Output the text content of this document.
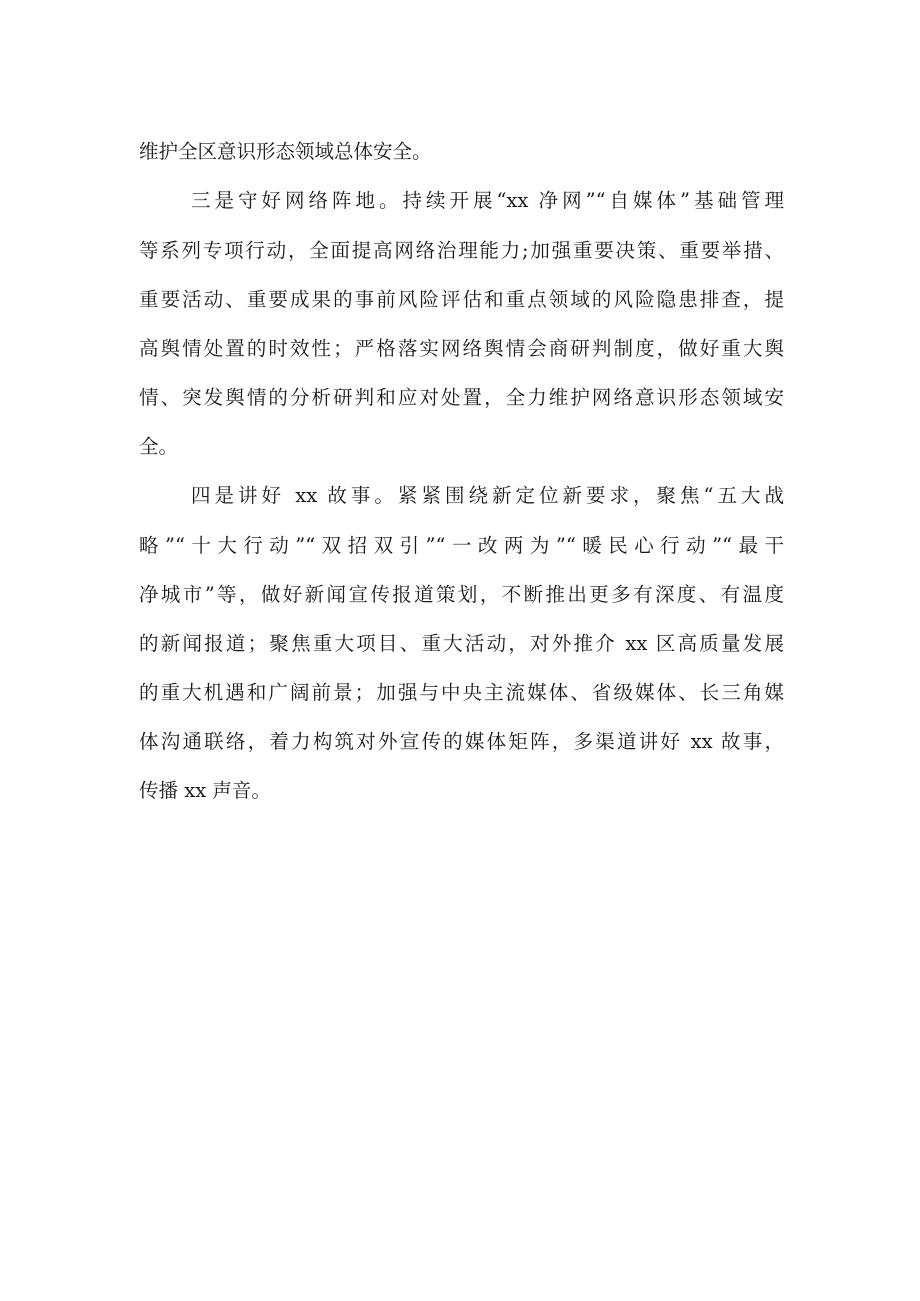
维护全区意识形态领域总体安全。
三是守好网络阵地。持续开展“xx 净网”“自媒体”基础管理
等系列专项行动，全面提高网络治理能力;加强重要决策、重要举措、
重要活动、重要成果的事前风险评估和重点领域的风险隐患排查，提
高舆情处置的时效性；严格落实网络舆情会商研判制度，做好重大舆
情、突发舆情的分析研判和应对处置，全力维护网络意识形态领域安
全。
四是讲好 xx 故事。紧紧围绕新定位新要求，聚焦“五大战
略”“十大行动”“双招双引”“一改两为”“暖民心行动”“最干
净城市”等，做好新闻宣传报道策划，不断推出更多有深度、有温度
的新闻报道；聚焦重大项目、重大活动，对外推介 xx 区高质量发展
的重大机遇和广阔前景；加强与中央主流媒体、省级媒体、长三角媒
体沟通联络，着力构筑对外宣传的媒体矩阵，多渠道讲好 xx 故事，
传播 xx 声音。
